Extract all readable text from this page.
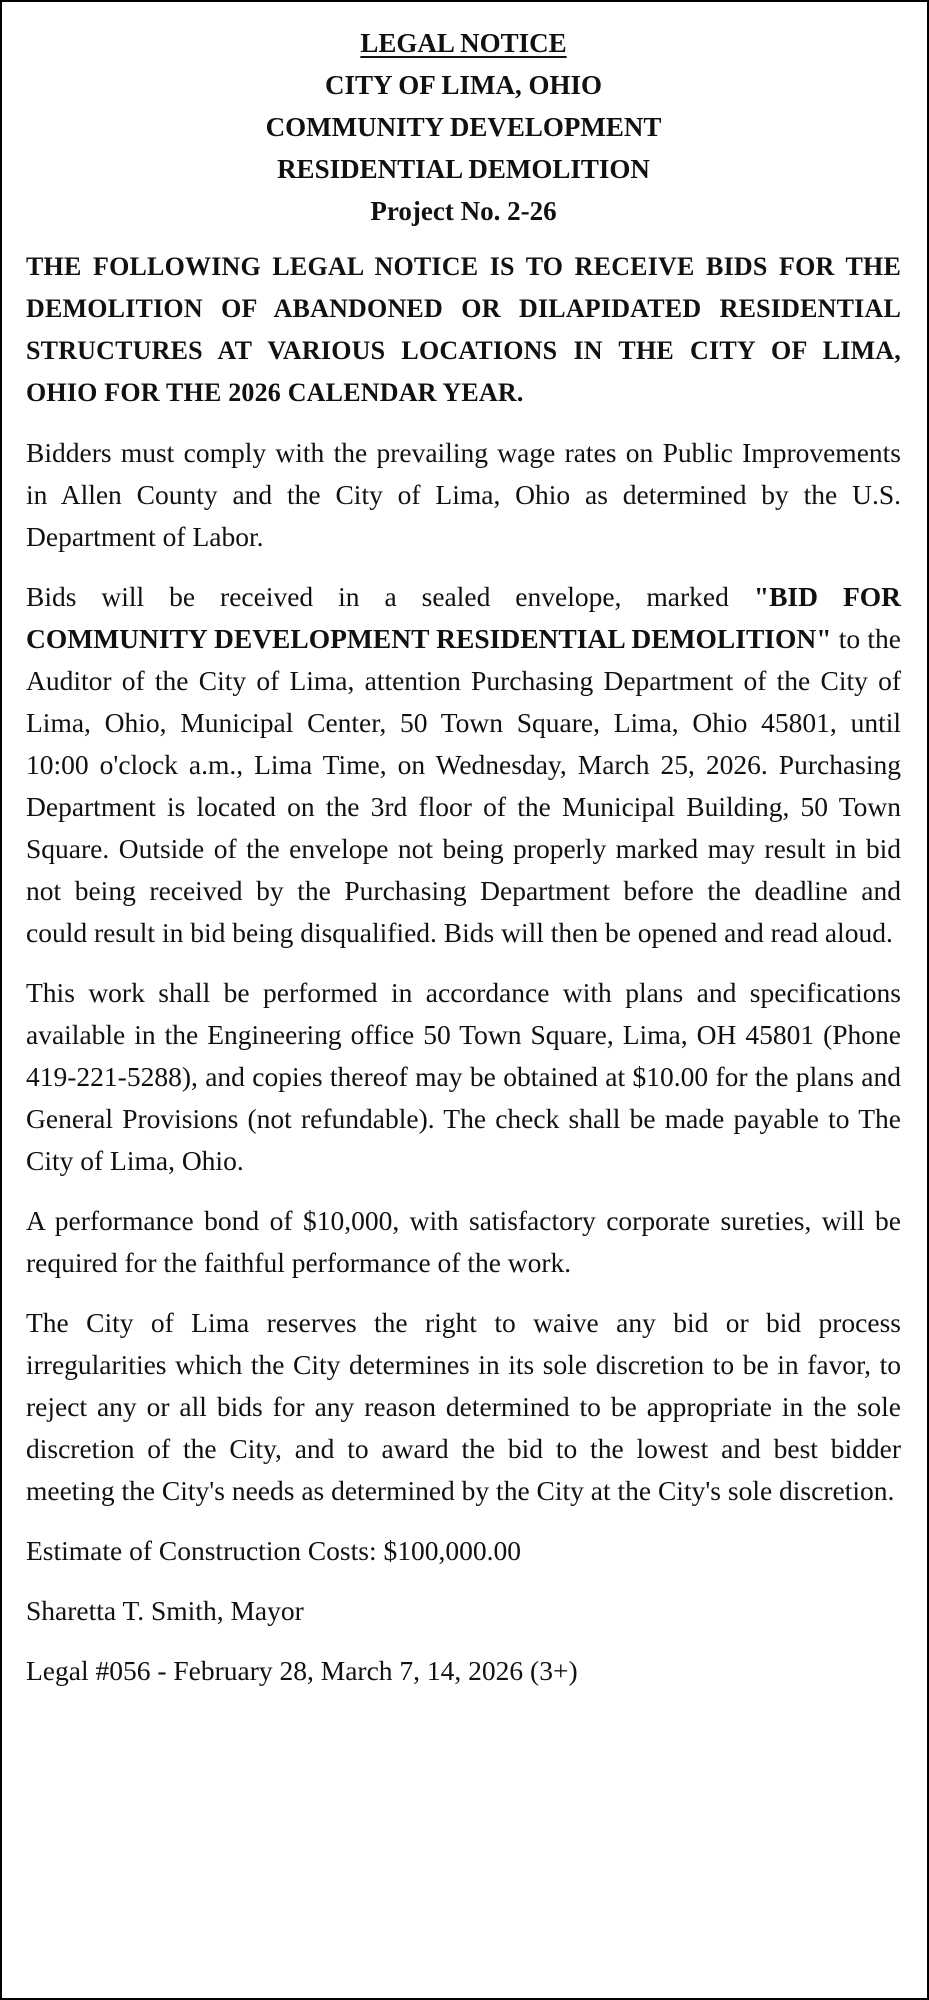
LEGAL NOTICE
CITY OF LIMA, OHIO
COMMUNITY DEVELOPMENT
RESIDENTIAL DEMOLITION
Project No. 2-26

THE FOLLOWING LEGAL NOTICE IS TO RECEIVE BIDS FOR THE DEMOLITION OF ABANDONED OR DILAPIDATED RESIDENTIAL STRUCTURES AT VARIOUS LOCATIONS IN THE CITY OF LIMA, OHIO FOR THE 2026 CALENDAR YEAR.

Bidders must comply with the prevailing wage rates on Public Improvements in Allen County and the City of Lima, Ohio as determined by the U.S. Department of Labor.

Bids will be received in a sealed envelope, marked "BID FOR COMMUNITY DEVELOPMENT RESIDENTIAL DEMOLITION" to the Auditor of the City of Lima, attention Purchasing Department of the City of Lima, Ohio, Municipal Center, 50 Town Square, Lima, Ohio 45801, until 10:00 o'clock a.m., Lima Time, on Wednesday, March 25, 2026. Purchasing Department is located on the 3rd floor of the Municipal Building, 50 Town Square. Outside of the envelope not being properly marked may result in bid not being received by the Purchasing Department before the deadline and could result in bid being disqualified. Bids will then be opened and read aloud.

This work shall be performed in accordance with plans and specifications available in the Engineering office 50 Town Square, Lima, OH 45801 (Phone 419-221-5288), and copies thereof may be obtained at $10.00 for the plans and General Provisions (not refundable). The check shall be made payable to The City of Lima, Ohio.

A performance bond of $10,000, with satisfactory corporate sureties, will be required for the faithful performance of the work.

The City of Lima reserves the right to waive any bid or bid process irregularities which the City determines in its sole discretion to be in favor, to reject any or all bids for any reason determined to be appropriate in the sole discretion of the City, and to award the bid to the lowest and best bidder meeting the City's needs as determined by the City at the City's sole discretion.

Estimate of Construction Costs: $100,000.00

Sharetta T. Smith, Mayor

Legal #056 - February 28, March 7, 14, 2026 (3+)
